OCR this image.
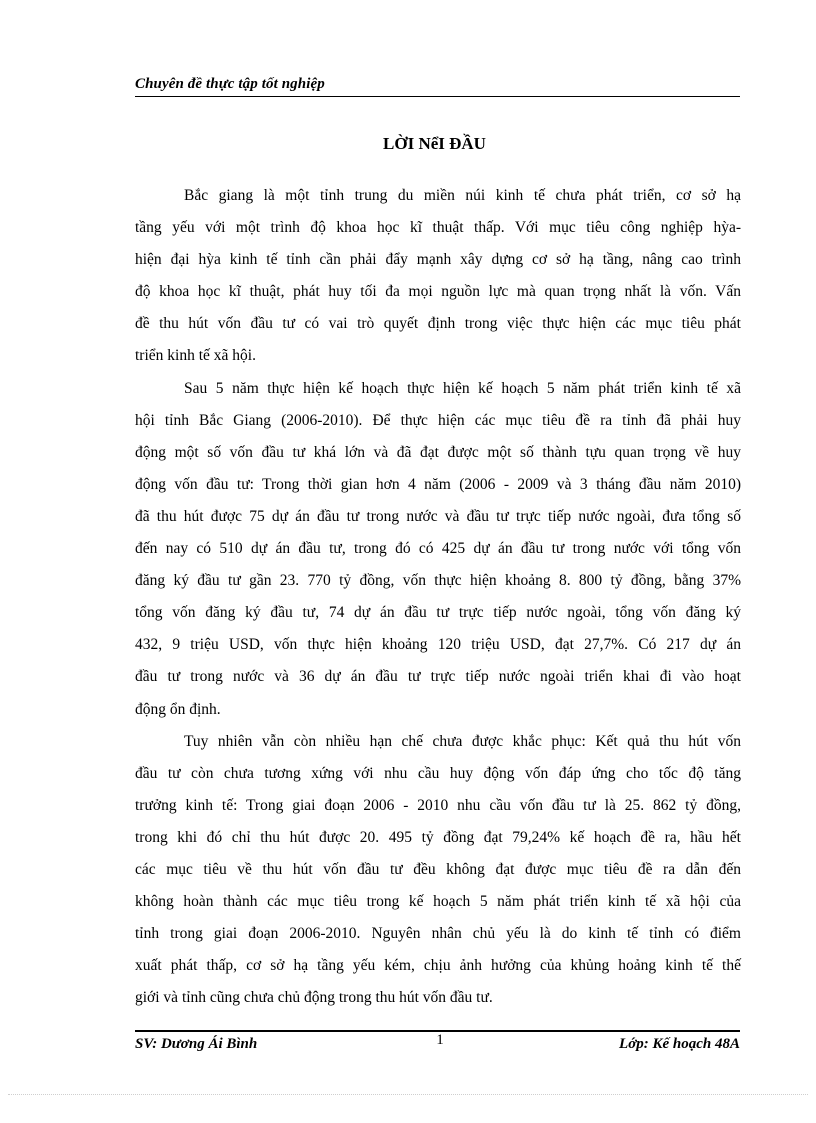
Chuyên đề thực tập tốt nghiệp
LỜI NểI ĐẦU
Bắc giang là một tỉnh trung du miền núi kinh tế chưa phát triển, cơ sở hạ
tầng yếu với một trình độ khoa học kĩ thuật thấp. Với mục tiêu công nghiệp hỳa-
hiện đại hỳa kinh tế tỉnh cần phải đẩy mạnh xây dựng cơ sở hạ tầng, nâng cao trình
độ khoa học kĩ thuật, phát huy tối đa mọi nguồn lực mà quan trọng nhất là vốn. Vấn
đề thu hút vốn đầu tư có vai trò quyết định trong việc thực hiện các mục tiêu phát
triển kinh tế xã hội.
Sau 5 năm thực hiện kế hoạch thực hiện kế hoạch 5 năm phát triển kinh tế xã
hội tỉnh Bắc Giang (2006-2010). Để thực hiện các mục tiêu đề ra tỉnh đã phải huy
động một số vốn đầu tư khá lớn và đã đạt được một số thành tựu quan trọng về huy
động vốn đầu tư: Trong thời gian hơn 4 năm (2006 - 2009 và 3 tháng đầu năm 2010)
đã thu hút được 75 dự án đầu tư trong nước và đầu tư trực tiếp nước ngoài, đưa tổng số
đến nay có 510 dự án đầu tư, trong đó có 425 dự án đầu tư trong nước với tổng vốn
đăng ký đầu tư gần 23. 770 tỷ đồng, vốn thực hiện khoảng 8. 800 tỷ đồng, bằng 37%
tổng vốn đăng ký đầu tư, 74 dự án đầu tư trực tiếp nước ngoài, tổng vốn đăng ký
432, 9 triệu USD, vốn thực hiện khoảng 120 triệu USD, đạt 27,7%. Có 217 dự án
đầu tư trong nước và 36 dự án đầu tư trực tiếp nước ngoài triển khai đi vào hoạt
động ổn định.
Tuy nhiên vẫn còn nhiều hạn chế chưa được khắc phục: Kết quả thu hút vốn
đầu tư còn chưa tương xứng với nhu cầu huy động vốn đáp ứng cho tốc độ tăng
trưởng kinh tế: Trong giai đoạn 2006 - 2010 nhu cầu vốn đầu tư là 25. 862 tỷ đồng,
trong khi đó chỉ thu hút được 20. 495 tỷ đồng đạt 79,24% kế hoạch đề ra, hầu hết
các mục tiêu về thu hút vốn đầu tư đều không đạt được mục tiêu đề ra dẫn đến
không hoàn thành các mục tiêu trong kế hoạch 5 năm phát triển kinh tế xã hội của
tỉnh trong giai đoạn 2006-2010. Nguyên nhân chủ yếu là do kinh tế tỉnh có điểm
xuất phát thấp, cơ sở hạ tầng yếu kém, chịu ảnh hưởng của khủng hoảng kinh tế thế
giới và tỉnh cũng chưa chủ động trong thu hút vốn đầu tư.
SV: Dương Ái Bình	1	Lớp: Kế hoạch 48A
